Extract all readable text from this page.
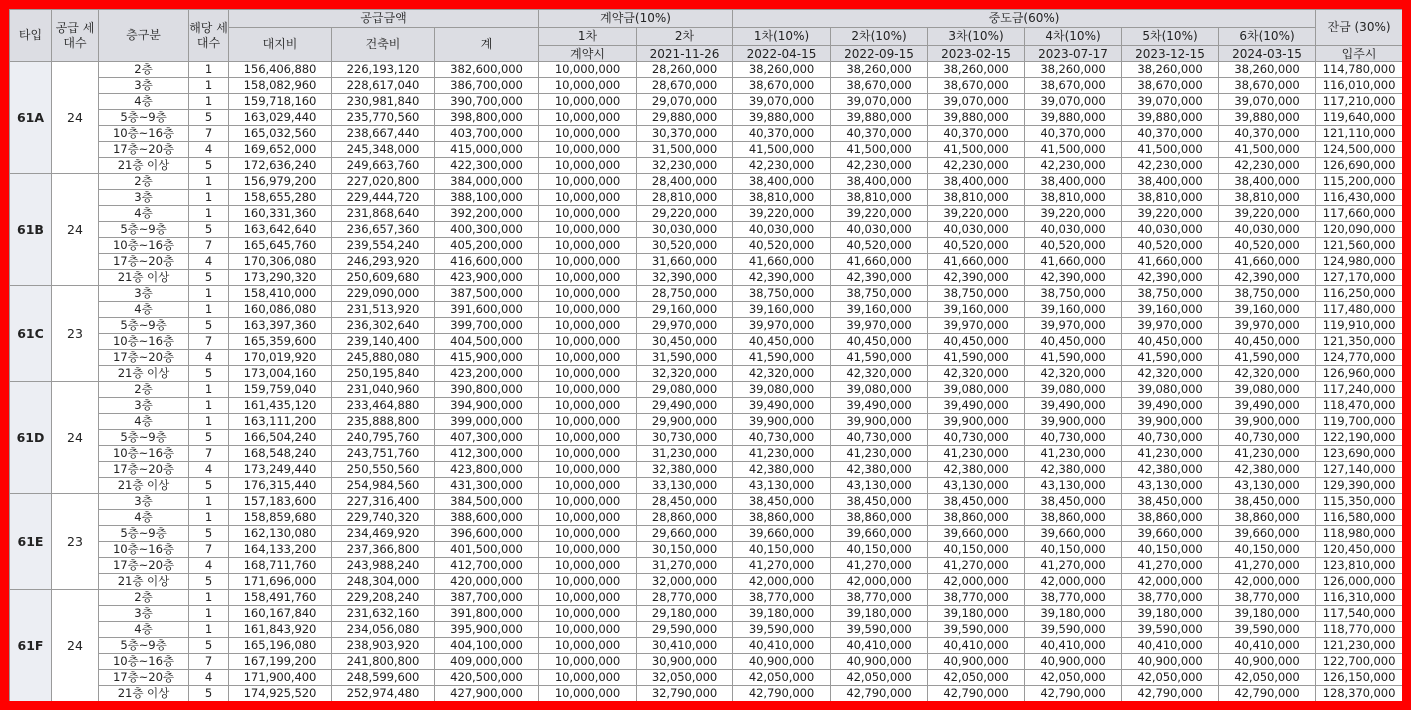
타입	공급 세대수	층구분	해당 세대수	공급금액			계약금(10%)		중도금(60%)						잔금 (30%)
				대지비	건축비	계	1차	2차	1차(10%)	2차(10%)	3차(10%)	4차(10%)	5차(10%)	6차(10%)	
							계약시	2021-11-26	2022-04-15	2022-09-15	2023-02-15	2023-07-17	2023-12-15	2024-03-15	입주시
61A	24	2층	1	156,406,880	226,193,120	382,600,000	10,000,000	28,260,000	38,260,000	38,260,000	38,260,000	38,260,000	38,260,000	38,260,000	114,780,000
		3층	1	158,082,960	228,617,040	386,700,000	10,000,000	28,670,000	38,670,000	38,670,000	38,670,000	38,670,000	38,670,000	38,670,000	116,010,000
		4층	1	159,718,160	230,981,840	390,700,000	10,000,000	29,070,000	39,070,000	39,070,000	39,070,000	39,070,000	39,070,000	39,070,000	117,210,000
		5층~9층	5	163,029,440	235,770,560	398,800,000	10,000,000	29,880,000	39,880,000	39,880,000	39,880,000	39,880,000	39,880,000	39,880,000	119,640,000
		10층~16층	7	165,032,560	238,667,440	403,700,000	10,000,000	30,370,000	40,370,000	40,370,000	40,370,000	40,370,000	40,370,000	40,370,000	121,110,000
		17층~20층	4	169,652,000	245,348,000	415,000,000	10,000,000	31,500,000	41,500,000	41,500,000	41,500,000	41,500,000	41,500,000	41,500,000	124,500,000
		21층 이상	5	172,636,240	249,663,760	422,300,000	10,000,000	32,230,000	42,230,000	42,230,000	42,230,000	42,230,000	42,230,000	42,230,000	126,690,000
61B	24	2층	1	156,979,200	227,020,800	384,000,000	10,000,000	28,400,000	38,400,000	38,400,000	38,400,000	38,400,000	38,400,000	38,400,000	115,200,000
		3층	1	158,655,280	229,444,720	388,100,000	10,000,000	28,810,000	38,810,000	38,810,000	38,810,000	38,810,000	38,810,000	38,810,000	116,430,000
		4층	1	160,331,360	231,868,640	392,200,000	10,000,000	29,220,000	39,220,000	39,220,000	39,220,000	39,220,000	39,220,000	39,220,000	117,660,000
		5층~9층	5	163,642,640	236,657,360	400,300,000	10,000,000	30,030,000	40,030,000	40,030,000	40,030,000	40,030,000	40,030,000	40,030,000	120,090,000
		10층~16층	7	165,645,760	239,554,240	405,200,000	10,000,000	30,520,000	40,520,000	40,520,000	40,520,000	40,520,000	40,520,000	40,520,000	121,560,000
		17층~20층	4	170,306,080	246,293,920	416,600,000	10,000,000	31,660,000	41,660,000	41,660,000	41,660,000	41,660,000	41,660,000	41,660,000	124,980,000
		21층 이상	5	173,290,320	250,609,680	423,900,000	10,000,000	32,390,000	42,390,000	42,390,000	42,390,000	42,390,000	42,390,000	42,390,000	127,170,000
61C	23	3층	1	158,410,000	229,090,000	387,500,000	10,000,000	28,750,000	38,750,000	38,750,000	38,750,000	38,750,000	38,750,000	38,750,000	116,250,000
		4층	1	160,086,080	231,513,920	391,600,000	10,000,000	29,160,000	39,160,000	39,160,000	39,160,000	39,160,000	39,160,000	39,160,000	117,480,000
		5층~9층	5	163,397,360	236,302,640	399,700,000	10,000,000	29,970,000	39,970,000	39,970,000	39,970,000	39,970,000	39,970,000	39,970,000	119,910,000
		10층~16층	7	165,359,600	239,140,400	404,500,000	10,000,000	30,450,000	40,450,000	40,450,000	40,450,000	40,450,000	40,450,000	40,450,000	121,350,000
		17층~20층	4	170,019,920	245,880,080	415,900,000	10,000,000	31,590,000	41,590,000	41,590,000	41,590,000	41,590,000	41,590,000	41,590,000	124,770,000
		21층 이상	5	173,004,160	250,195,840	423,200,000	10,000,000	32,320,000	42,320,000	42,320,000	42,320,000	42,320,000	42,320,000	42,320,000	126,960,000
61D	24	2층	1	159,759,040	231,040,960	390,800,000	10,000,000	29,080,000	39,080,000	39,080,000	39,080,000	39,080,000	39,080,000	39,080,000	117,240,000
		3층	1	161,435,120	233,464,880	394,900,000	10,000,000	29,490,000	39,490,000	39,490,000	39,490,000	39,490,000	39,490,000	39,490,000	118,470,000
		4층	1	163,111,200	235,888,800	399,000,000	10,000,000	29,900,000	39,900,000	39,900,000	39,900,000	39,900,000	39,900,000	39,900,000	119,700,000
		5층~9층	5	166,504,240	240,795,760	407,300,000	10,000,000	30,730,000	40,730,000	40,730,000	40,730,000	40,730,000	40,730,000	40,730,000	122,190,000
		10층~16층	7	168,548,240	243,751,760	412,300,000	10,000,000	31,230,000	41,230,000	41,230,000	41,230,000	41,230,000	41,230,000	41,230,000	123,690,000
		17층~20층	4	173,249,440	250,550,560	423,800,000	10,000,000	32,380,000	42,380,000	42,380,000	42,380,000	42,380,000	42,380,000	42,380,000	127,140,000
		21층 이상	5	176,315,440	254,984,560	431,300,000	10,000,000	33,130,000	43,130,000	43,130,000	43,130,000	43,130,000	43,130,000	43,130,000	129,390,000
61E	23	3층	1	157,183,600	227,316,400	384,500,000	10,000,000	28,450,000	38,450,000	38,450,000	38,450,000	38,450,000	38,450,000	38,450,000	115,350,000
		4층	1	158,859,680	229,740,320	388,600,000	10,000,000	28,860,000	38,860,000	38,860,000	38,860,000	38,860,000	38,860,000	38,860,000	116,580,000
		5층~9층	5	162,130,080	234,469,920	396,600,000	10,000,000	29,660,000	39,660,000	39,660,000	39,660,000	39,660,000	39,660,000	39,660,000	118,980,000
		10층~16층	7	164,133,200	237,366,800	401,500,000	10,000,000	30,150,000	40,150,000	40,150,000	40,150,000	40,150,000	40,150,000	40,150,000	120,450,000
		17층~20층	4	168,711,760	243,988,240	412,700,000	10,000,000	31,270,000	41,270,000	41,270,000	41,270,000	41,270,000	41,270,000	41,270,000	123,810,000
		21층 이상	5	171,696,000	248,304,000	420,000,000	10,000,000	32,000,000	42,000,000	42,000,000	42,000,000	42,000,000	42,000,000	42,000,000	126,000,000
61F	24	2층	1	158,491,760	229,208,240	387,700,000	10,000,000	28,770,000	38,770,000	38,770,000	38,770,000	38,770,000	38,770,000	38,770,000	116,310,000
		3층	1	160,167,840	231,632,160	391,800,000	10,000,000	29,180,000	39,180,000	39,180,000	39,180,000	39,180,000	39,180,000	39,180,000	117,540,000
		4층	1	161,843,920	234,056,080	395,900,000	10,000,000	29,590,000	39,590,000	39,590,000	39,590,000	39,590,000	39,590,000	39,590,000	118,770,000
		5층~9층	5	165,196,080	238,903,920	404,100,000	10,000,000	30,410,000	40,410,000	40,410,000	40,410,000	40,410,000	40,410,000	40,410,000	121,230,000
		10층~16층	7	167,199,200	241,800,800	409,000,000	10,000,000	30,900,000	40,900,000	40,900,000	40,900,000	40,900,000	40,900,000	40,900,000	122,700,000
		17층~20층	4	171,900,400	248,599,600	420,500,000	10,000,000	32,050,000	42,050,000	42,050,000	42,050,000	42,050,000	42,050,000	42,050,000	126,150,000
		21층 이상	5	174,925,520	252,974,480	427,900,000	10,000,000	32,790,000	42,790,000	42,790,000	42,790,000	42,790,000	42,790,000	42,790,000	128,370,000
